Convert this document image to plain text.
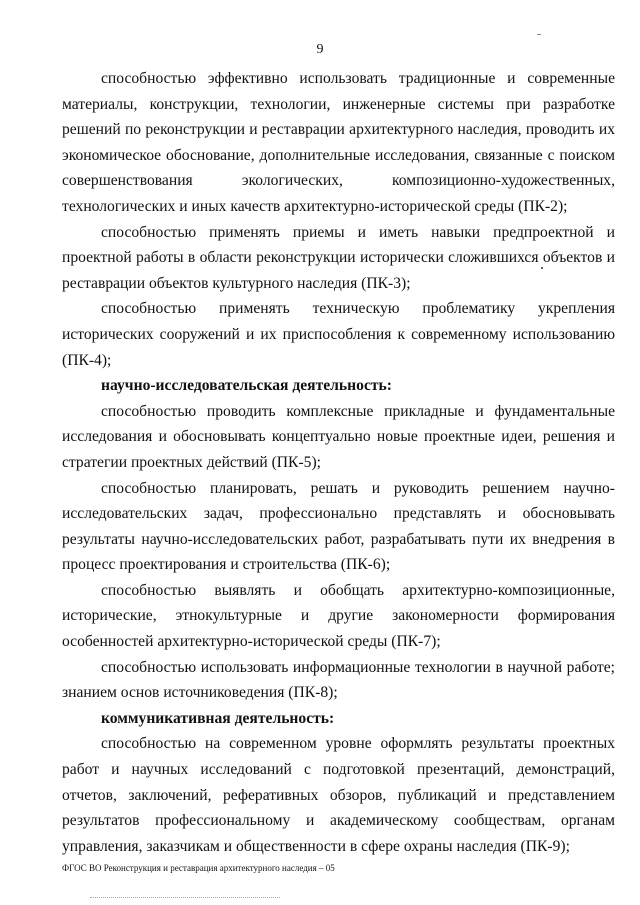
9

способностью эффективно использовать традиционные и современные материалы, конструкции, технологии, инженерные системы при разработке решений по реконструкции и реставрации архитектурного наследия, проводить их экономическое обоснование, дополнительные исследования, связанные с поиском совершенствования экологических, композиционно-художественных, технологических и иных качеств архитектурно-исторической среды (ПК-2);

способностью применять приемы и иметь навыки предпроектной и проектной работы в области реконструкции исторически сложившихся объектов и реставрации объектов культурного наследия (ПК-3);

способностью применять техническую проблематику укрепления исторических сооружений и их приспособления к современному использованию (ПК-4);

научно-исследовательская деятельность:

способностью проводить комплексные прикладные и фундаментальные исследования и обосновывать концептуально новые проектные идеи, решения и стратегии проектных действий (ПК-5);

способностью планировать, решать и руководить решением научно-исследовательских задач, профессионально представлять и обосновывать результаты научно-исследовательских работ, разрабатывать пути их внедрения в процесс проектирования и строительства (ПК-6);

способностью выявлять и обобщать архитектурно-композиционные, исторические, этнокультурные и другие закономерности формирования особенностей архитектурно-исторической среды (ПК-7);

способностью использовать информационные технологии в научной работе; знанием основ источниковедения (ПК-8);

коммуникативная деятельность:

способностью на современном уровне оформлять результаты проектных работ и научных исследований с подготовкой презентаций, демонстраций, отчетов, заключений, реферативных обзоров, публикаций и представлением результатов профессиональному и академическому сообществам, органам управления, заказчикам и общественности в сфере охраны наследия (ПК-9);

ФГОС ВО Реконструкция и реставрация архитектурного наследия – 05
